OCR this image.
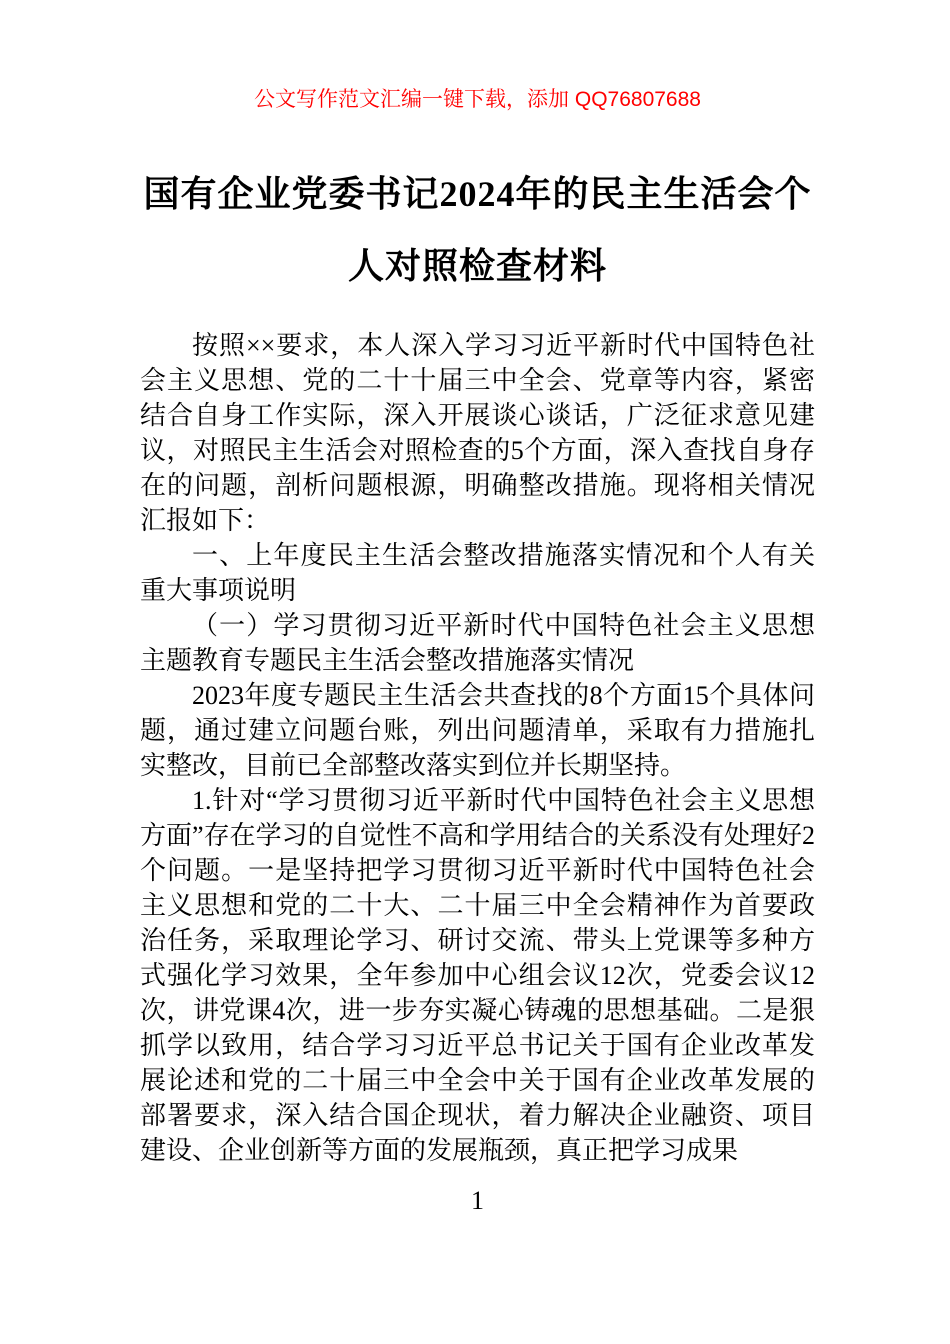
公文写作范文汇编一键下载，添加 QQ76807688
国有企业党委书记2024年的民主生活会个人对照检查材料

按照××要求，本人深入学习习近平新时代中国特色社会主义思想、党的二十十届三中全会、党章等内容，紧密结合自身工作实际，深入开展谈心谈话，广泛征求意见建议，对照民主生活会对照检查的5个方面，深入查找自身存在的问题，剖析问题根源，明确整改措施。现将相关情况汇报如下：

一、上年度民主生活会整改措施落实情况和个人有关重大事项说明

（一）学习贯彻习近平新时代中国特色社会主义思想主题教育专题民主生活会整改措施落实情况

2023年度专题民主生活会共查找的8个方面15个具体问题，通过建立问题台账，列出问题清单，采取有力措施扎实整改，目前已全部整改落实到位并长期坚持。

1.针对“学习贯彻习近平新时代中国特色社会主义思想方面”存在学习的自觉性不高和学用结合的关系没有处理好2个问题。一是坚持把学习贯彻习近平新时代中国特色社会主义思想和党的二十大、二十届三中全会精神作为首要政治任务，采取理论学习、研讨交流、带头上党课等多种方式强化学习效果，全年参加中心组会议12次，党委会议12次，讲党课4次，进一步夯实凝心铸魂的思想基础。二是狠抓学以致用，结合学习习近平总书记关于国有企业改革发展论述和党的二十届三中全会中关于国有企业改革发展的部署要求，深入结合国企现状，着力解决企业融资、项目建设、企业创新等方面的发展瓶颈，真正把学习成果

1
